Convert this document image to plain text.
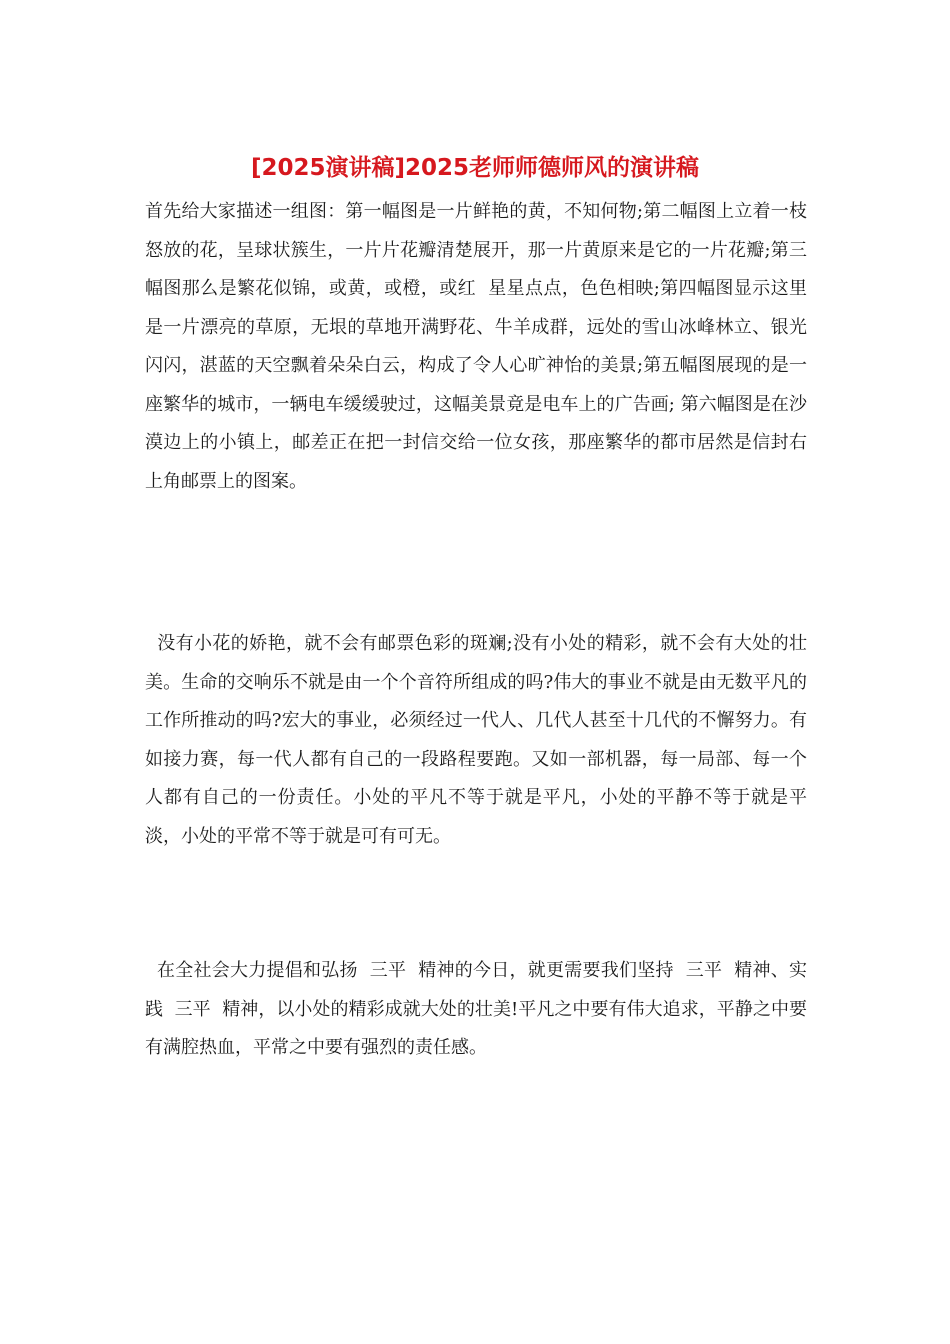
[2025演讲稿]2025老师师德师风的演讲稿

首先给大家描述一组图：第一幅图是一片鲜艳的黄，不知何物;第二幅图上立着一枝怒放的花，呈球状簇生，一片片花瓣清楚展开，那一片黄原来是它的一片花瓣;第三幅图那么是繁花似锦，或黄，或橙，或红  星星点点，色色相映;第四幅图显示这里是一片漂亮的草原，无垠的草地开满野花、牛羊成群，远处的雪山冰峰林立、银光闪闪，湛蓝的天空飘着朵朵白云，构成了令人心旷神怡的美景;第五幅图展现的是一座繁华的城市，一辆电车缓缓驶过，这幅美景竟是电车上的广告画; 第六幅图是在沙漠边上的小镇上，邮差正在把一封信交给一位女孩，那座繁华的都市居然是信封右上角邮票上的图案。

没有小花的娇艳，就不会有邮票色彩的斑斓;没有小处的精彩，就不会有大处的壮美。生命的交响乐不就是由一个个音符所组成的吗?伟大的事业不就是由无数平凡的工作所推动的吗?宏大的事业，必须经过一代人、几代人甚至十几代的不懈努力。有如接力赛，每一代人都有自己的一段路程要跑。又如一部机器，每一局部、每一个人都有自己的一份责任。小处的平凡不等于就是平凡，小处的平静不等于就是平淡，小处的平常不等于就是可有可无。

在全社会大力提倡和弘扬  三平  精神的今日，就更需要我们坚持  三平  精神、实践  三平  精神，以小处的精彩成就大处的壮美!平凡之中要有伟大追求，平静之中要有满腔热血，平常之中要有强烈的责任感。
